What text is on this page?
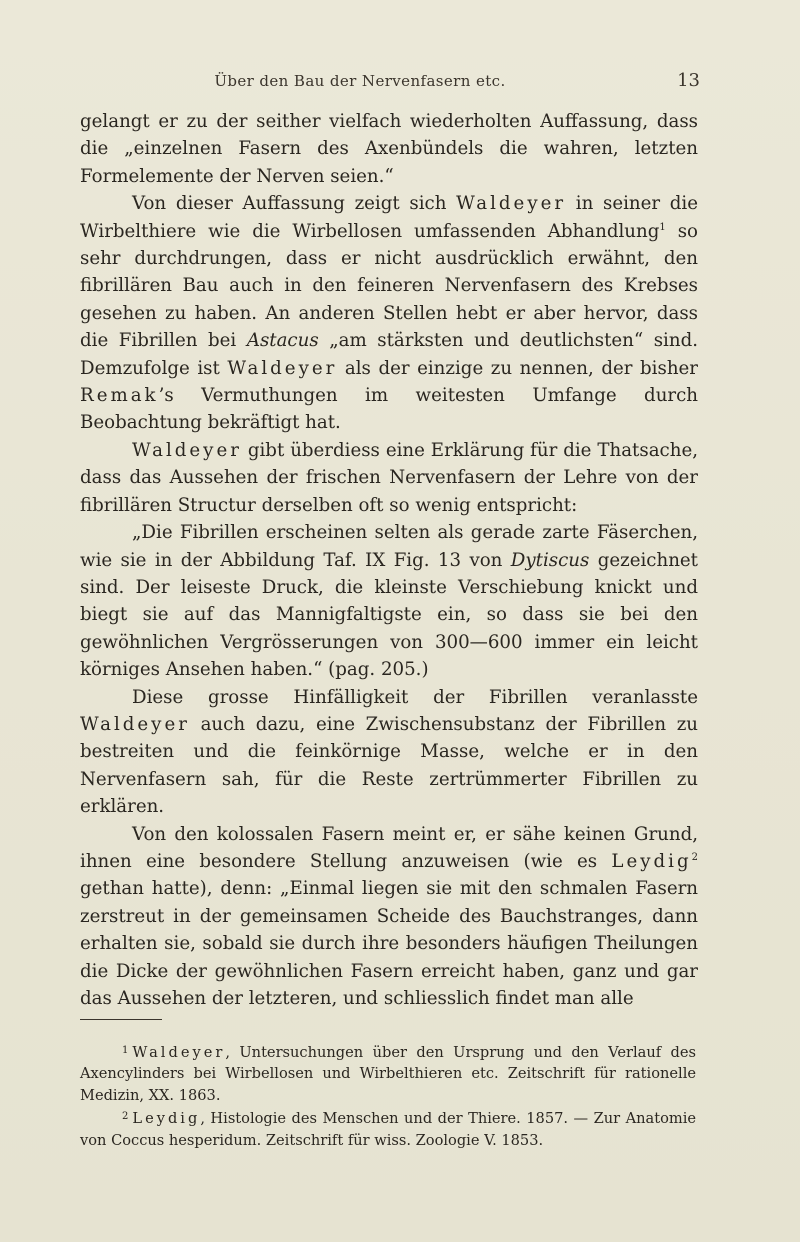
Über den Bau der Nervenfasern etc.	13

gelangt er zu der seither vielfach wiederholten Auffassung, dass die „einzelnen Fasern des Axenbündels die wahren, letzten Formelemente der Nerven seien.“

Von dieser Auffassung zeigt sich Waldeyer in seiner die Wirbelthiere wie die Wirbellosen umfassenden Abhandlung$^1$ so sehr durchdrungen, dass er nicht ausdrücklich erwähnt, den fibrillären Bau auch in den feineren Nervenfasern des Krebses gesehen zu haben. An anderen Stellen hebt er aber hervor, dass die Fibrillen bei Astacus „am stärksten und deutlichsten“ sind. Demzufolge ist Waldeyer als der einzige zu nennen, der bisher Remak’s Vermuthungen im weitesten Umfange durch Beobachtung bekräftigt hat.

Waldeyer gibt überdiess eine Erklärung für die Thatsache, dass das Aussehen der frischen Nervenfasern der Lehre von der fibrillären Structur derselben oft so wenig entspricht:

„Die Fibrillen erscheinen selten als gerade zarte Fäserchen, wie sie in der Abbildung Taf. IX Fig. 13 von Dytiscus gezeichnet sind. Der leiseste Druck, die kleinste Verschiebung knickt und biegt sie auf das Mannigfaltigste ein, so dass sie bei den gewöhnlichen Vergrösserungen von 300—600 immer ein leicht körniges Ansehen haben.“ (pag. 205.)

Diese grosse Hinfälligkeit der Fibrillen veranlasste Waldeyer auch dazu, eine Zwischensubstanz der Fibrillen zu bestreiten und die feinkörnige Masse, welche er in den Nervenfasern sah, für die Reste zertrümmerter Fibrillen zu erklären.

Von den kolossalen Fasern meint er, er sähe keinen Grund, ihnen eine besondere Stellung anzuweisen (wie es Leydig$^2$ gethan hatte), denn: „Einmal liegen sie mit den schmalen Fasern zerstreut in der gemeinsamen Scheide des Bauchstranges, dann erhalten sie, sobald sie durch ihre besonders häufigen Theilungen die Dicke der gewöhnlichen Fasern erreicht haben, ganz und gar das Aussehen der letzteren, und schliesslich findet man alle

$^1$ Waldeyer, Untersuchungen über den Ursprung und den Verlauf des Axencylinders bei Wirbellosen und Wirbelthieren etc. Zeitschrift für rationelle Medizin, XX. 1863.

$^2$ Leydig, Histologie des Menschen und der Thiere. 1857. — Zur Anatomie von Coccus hesperidum. Zeitschrift für wiss. Zoologie V. 1853.
